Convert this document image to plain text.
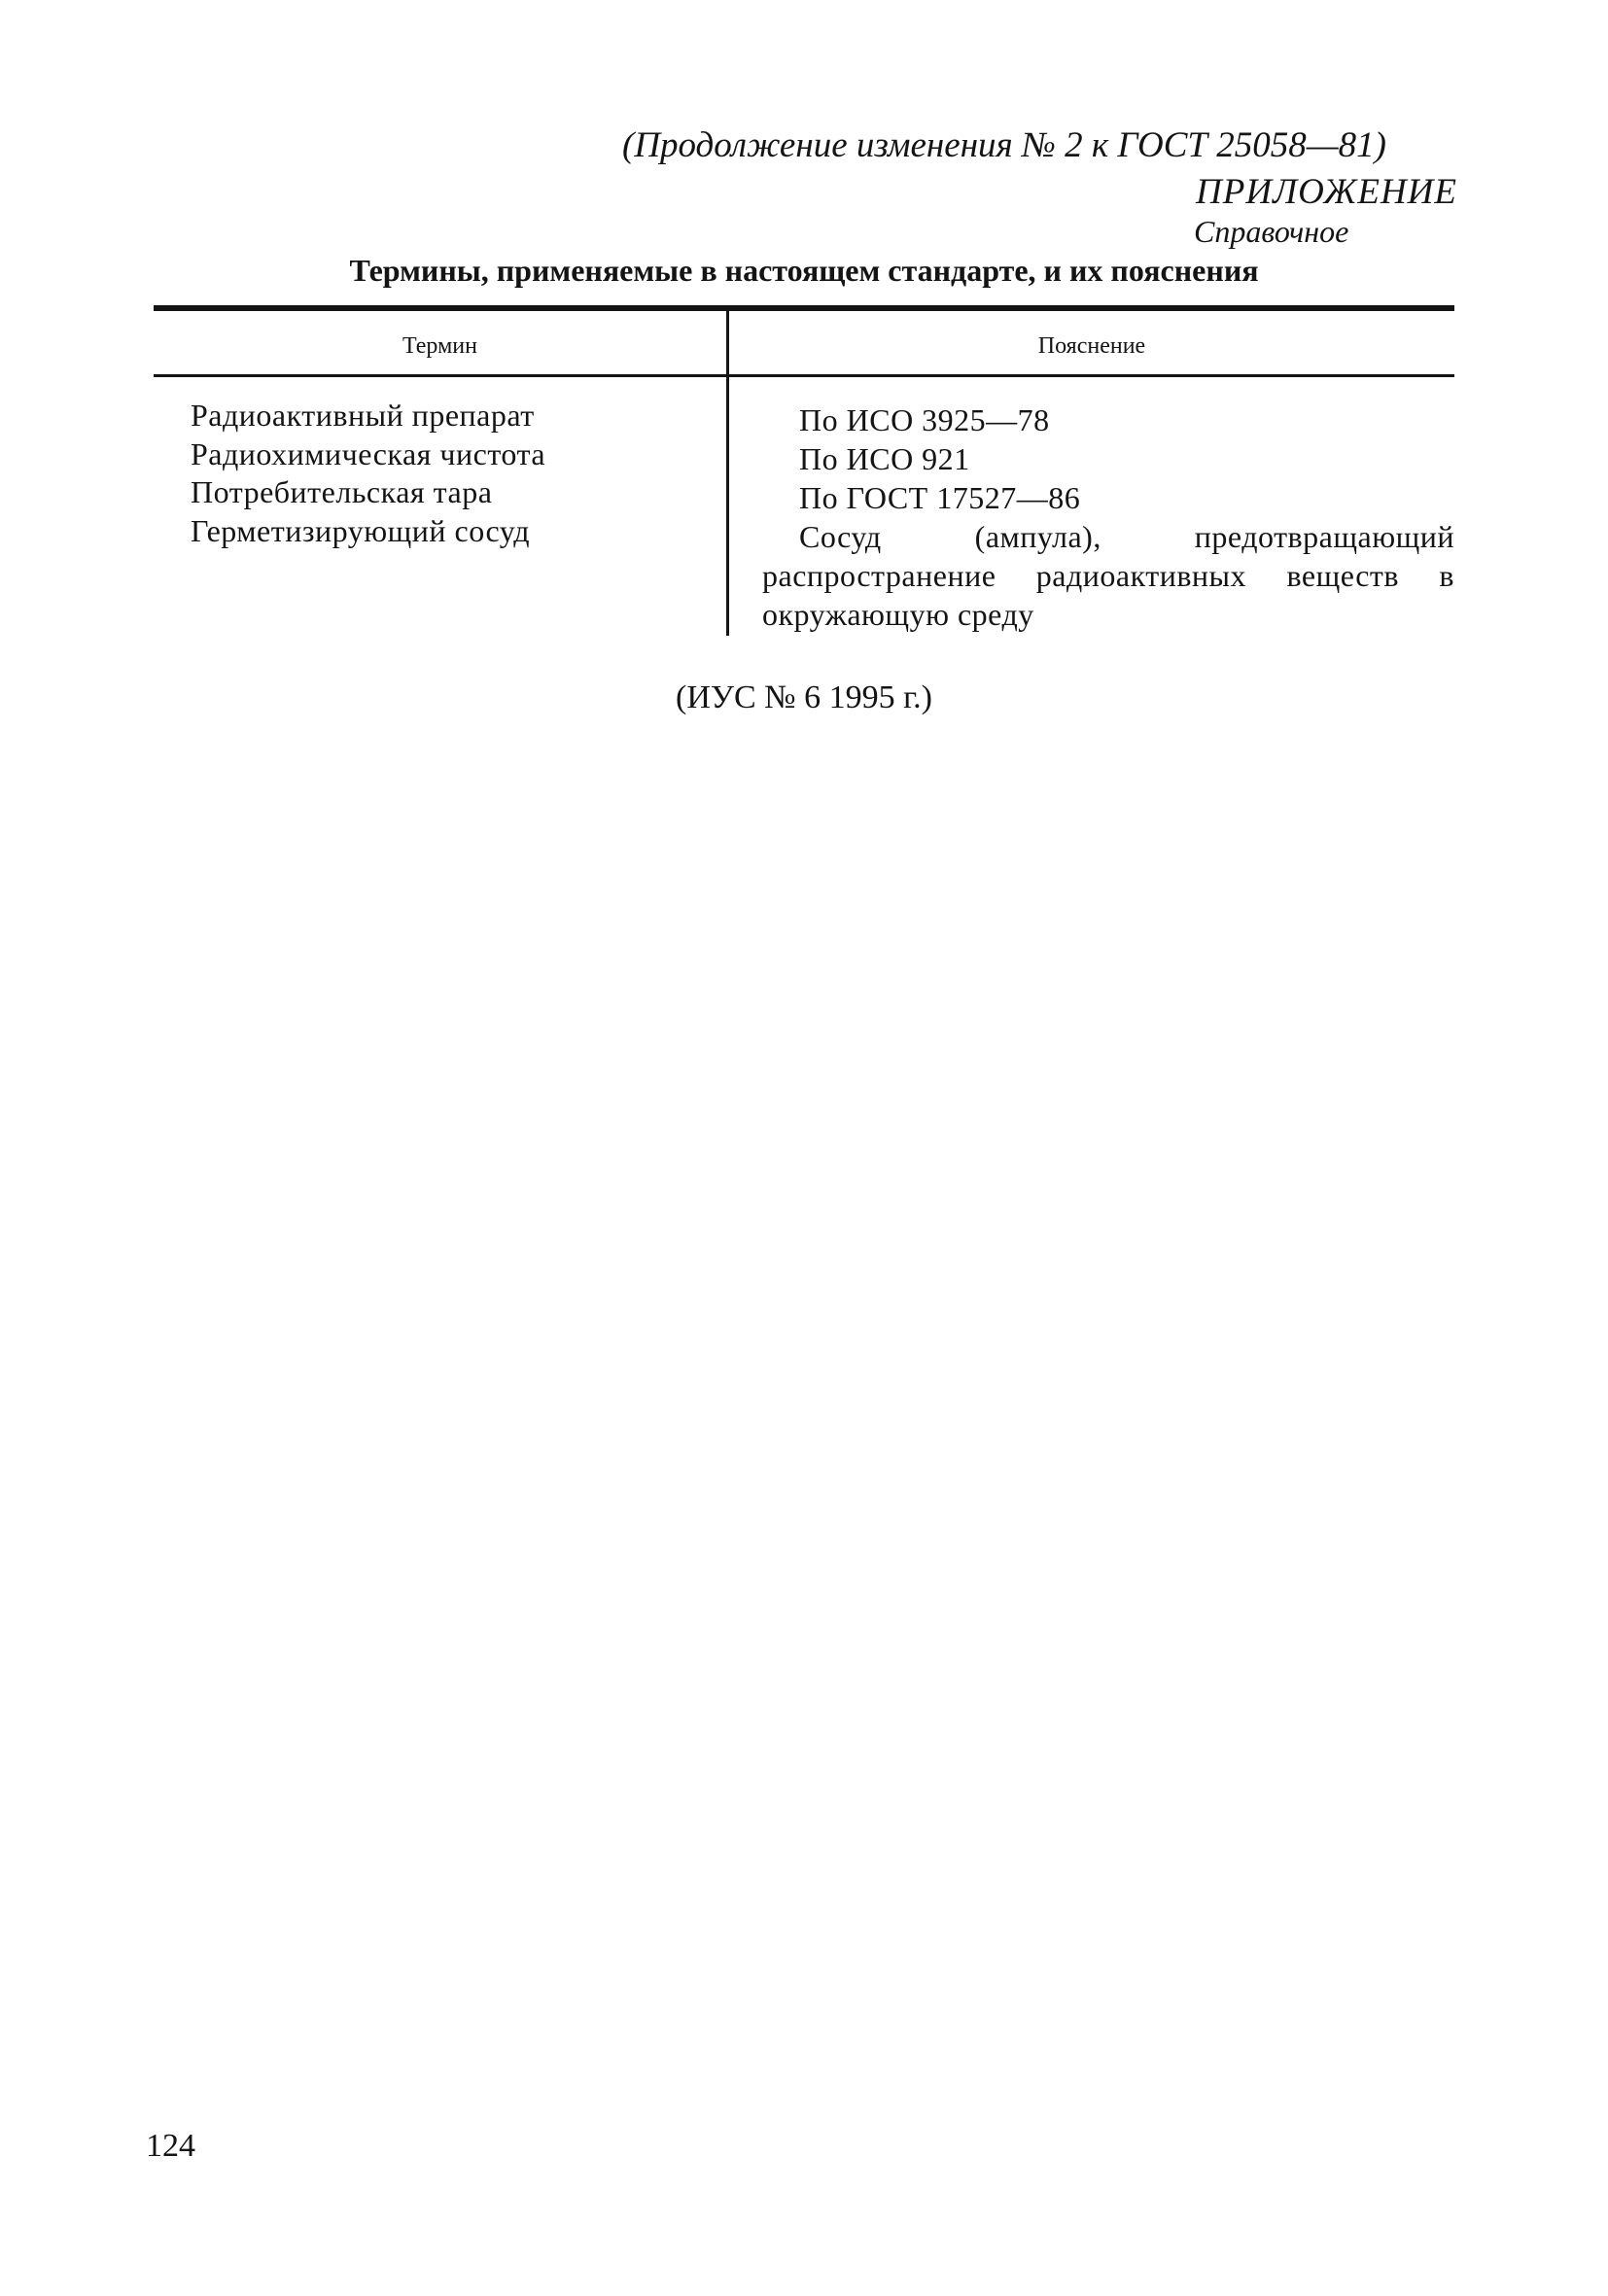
(Продолжение изменения № 2 к ГОСТ 25058—81)
ПРИЛОЖЕНИЕ
Справочное
Термины, применяемые в настоящем стандарте, и их пояснения
Термин	Пояснение
Радиоактивный препарат
Радиохимическая чистота
Потребительская тара
Герметизирующий сосуд
По ИСО 3925—78
По ИСО 921
По ГОСТ 17527—86
Сосуд (ампула), предотвращающий распространение радиоактивных веществ в окружающую среду
(ИУС № 6 1995 г.)
124
